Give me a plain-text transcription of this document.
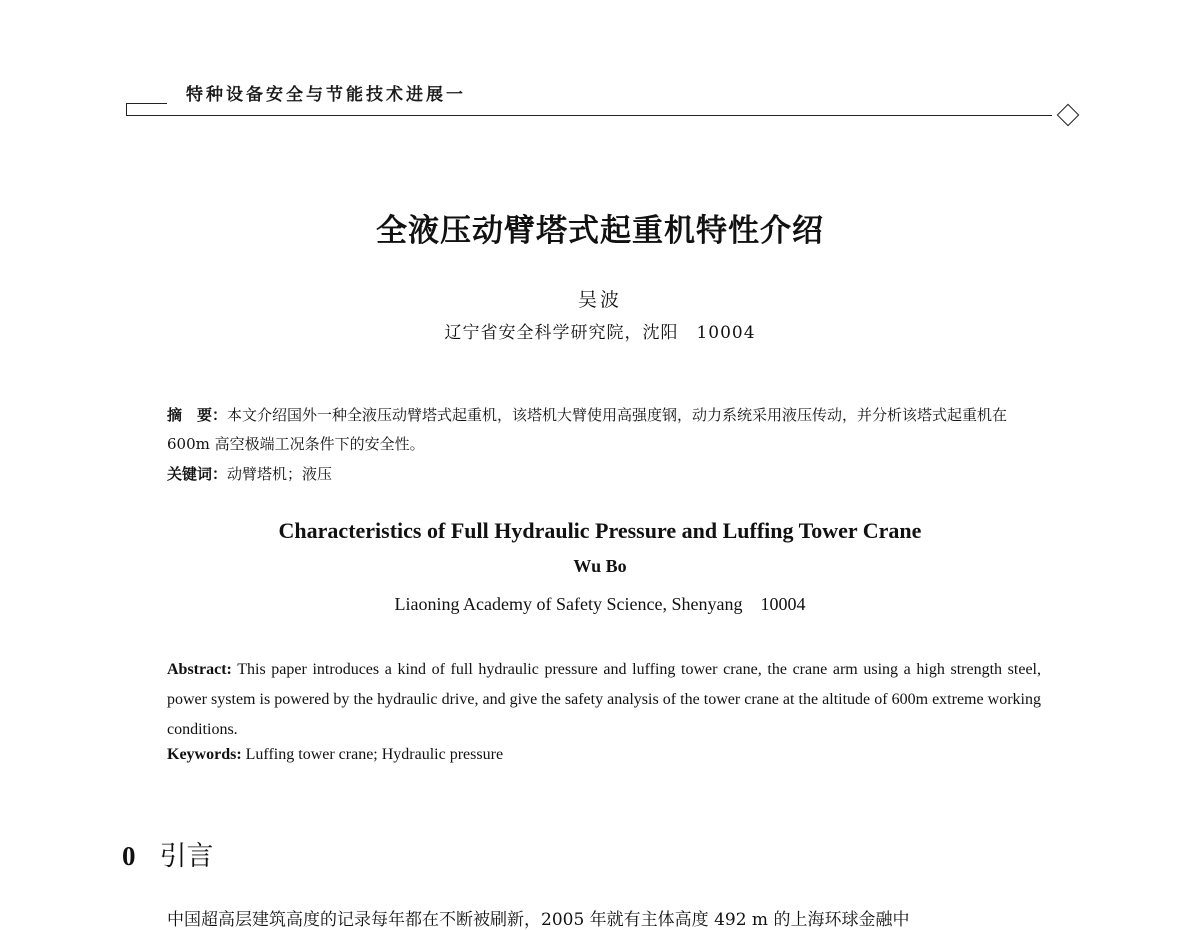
特种设备安全与节能技术进展一
全液压动臂塔式起重机特性介绍
吴波
辽宁省安全科学研究院，沈阳　10004
摘　要：本文介绍国外一种全液压动臂塔式起重机，该塔机大臂使用高强度钢，动力系统采用液压传动，并分析该塔式起重机在 600m 高空极端工况条件下的安全性。
关键词：动臂塔机；液压
Characteristics of Full Hydraulic Pressure and Luffing Tower Crane
Wu Bo
Liaoning Academy of Safety Science, Shenyang　10004
Abstract: This paper introduces a kind of full hydraulic pressure and luffing tower crane, the crane arm using a high strength steel, power system is powered by the hydraulic drive, and give the safety analysis of the tower crane at the altitude of 600m extreme working conditions.
Keywords: Luffing tower crane; Hydraulic pressure
0 引言
中国超高层建筑高度的记录每年都在不断被刷新，2005 年就有主体高度 492 m 的上海环球金融中
